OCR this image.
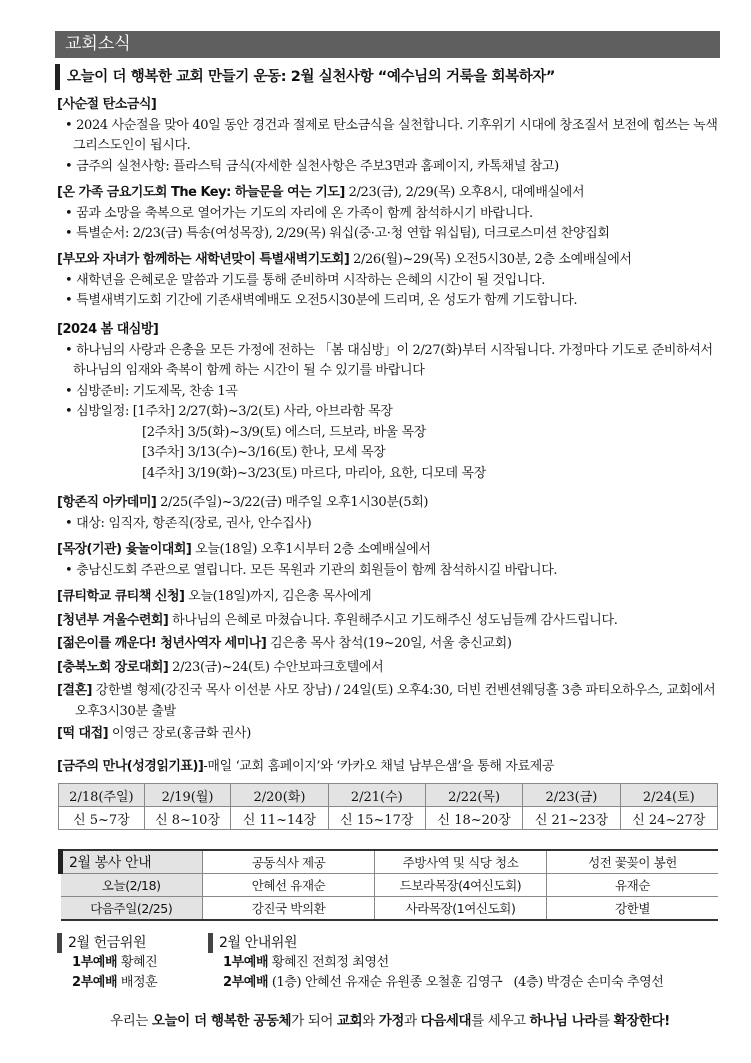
교회소식
오늘이 더 행복한 교회 만들기 운동: 2월 실천사항 “예수님의 거룩을 회복하자”
[사순절 탄소금식]
• 2024 사순절을 맞아 40일 동안 경건과 절제로 탄소금식을 실천합니다. 기후위기 시대에 창조질서 보전에 힘쓰는 녹색 그리스도인이 됩시다.
• 금주의 실천사항: 플라스틱 금식(자세한 실천사항은 주보3면과 홈페이지, 카톡채널 참고)
[온 가족 금요기도회 The Key: 하늘문을 여는 기도] 2/23(금), 2/29(목) 오후8시, 대예배실에서
• 꿈과 소망을 축복으로 열어가는 기도의 자리에 온 가족이 함께 참석하시기 바랍니다.
• 특별순서: 2/23(금) 특송(여성목장), 2/29(목) 워십(중·고·청 연합 워십팀), 더크로스미션 찬양집회
[부모와 자녀가 함께하는 새학년맞이 특별새벽기도회] 2/26(월)~29(목) 오전5시30분, 2층 소예배실에서
• 새학년을 은혜로운 말씀과 기도를 통해 준비하며 시작하는 은혜의 시간이 될 것입니다.
• 특별새벽기도회 기간에 기존새벽예배도 오전5시30분에 드리며, 온 성도가 함께 기도합니다.
[2024 봄 대심방]
• 하나님의 사랑과 은총을 모든 가정에 전하는 「봄 대심방」이 2/27(화)부터 시작됩니다. 가정마다 기도로 준비하셔서 하나님의 임재와 축복이 함께 하는 시간이 될 수 있기를 바랍니다
• 심방준비: 기도제목, 찬송 1곡
• 심방일정: [1주차] 2/27(화)~3/2(토) 사라, 아브라함 목장
[2주차] 3/5(화)~3/9(토) 에스더, 드보라, 바울 목장
[3주차] 3/13(수)~3/16(토) 한나, 모세 목장
[4주차] 3/19(화)~3/23(토) 마르다, 마리아, 요한, 디모데 목장
[항존직 아카데미] 2/25(주일)~3/22(금) 매주일 오후1시30분(5회)
• 대상: 임직자, 항존직(장로, 권사, 안수집사)
[목장(기관) 윷놀이대회] 오늘(18일) 오후1시부터 2층 소예배실에서
• 충남신도회 주관으로 열립니다. 모든 목원과 기관의 회원들이 함께 참석하시길 바랍니다.
[큐티학교 큐티책 신청] 오늘(18일)까지, 김은총 목사에게
[청년부 겨울수련회] 하나님의 은혜로 마쳤습니다. 후원해주시고 기도해주신 성도님들께 감사드립니다.
[젊은이를 깨운다! 청년사역자 세미나] 김은총 목사 참석(19~20일, 서울 충신교회)
[충북노회 장로대회] 2/23(금)~24(토) 수안보파크호텔에서
[결혼] 강한별 형제(강진국 목사 이선분 사모 장남) / 24일(토) 오후4:30, 더빈 컨벤션웨딩홀 3층 파티오하우스, 교회에서 오후3시30분 출발
[떡 대접] 이영근 장로(홍금화 권사)
[금주의 만나(성경읽기표)]-매일 ‘교회 홈페이지’와 ‘카카오 채널 남부은샘’을 통해 자료제공
2/18(주일)	2/19(월)	2/20(화)	2/21(수)	2/22(목)	2/23(금)	2/24(토)
신 5~7장	신 8~10장	신 11~14장	신 15~17장	신 18~20장	신 21~23장	신 24~27장
2월 봉사 안내	공동식사 제공	주방사역 및 식당 청소	성전 꽃꽂이 봉헌
오늘(2/18)	안혜선 유재순	드보라목장(4여신도회)	유재순
다음주일(2/25)	강진국 박의환	사라목장(1여신도회)	강한별
2월 헌금위원
1부예배 황혜진
2부예배 배정훈
2월 안내위원
1부예배 황혜진 전희정 최영선
2부예배 (1층) 안혜선 유재순 유원종 오철훈 김영구   (4층) 박경순 손미숙 추영선
우리는 오늘이 더 행복한 공동체가 되어 교회와 가정과 다음세대를 세우고 하나님 나라를 확장한다!
